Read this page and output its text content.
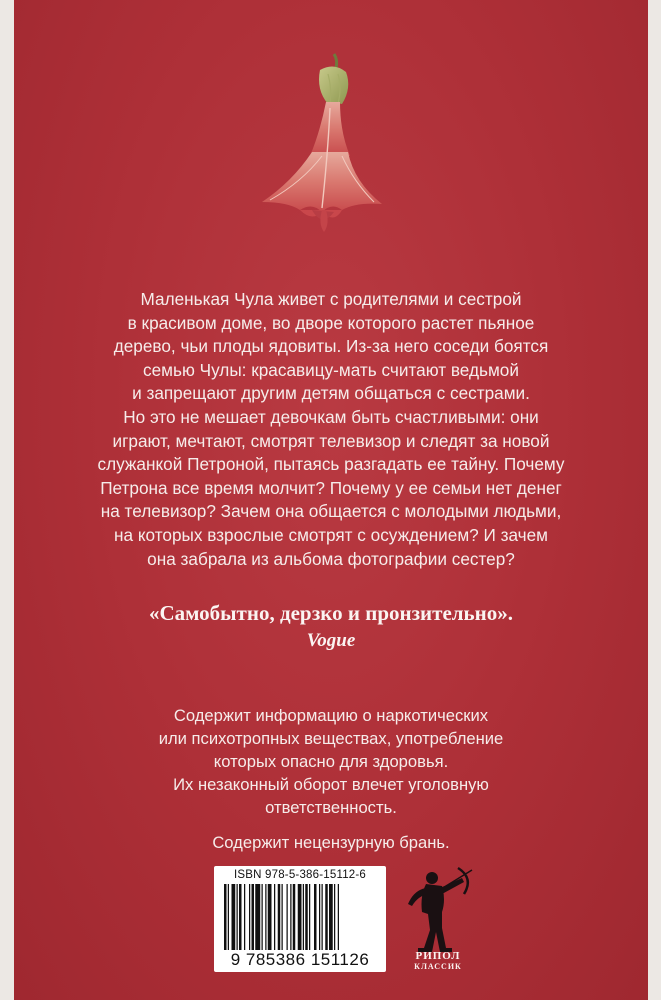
Маленькая Чула живет с родителями и сестрой
в красивом доме, во дворе которого растет пьяное
дерево, чьи плоды ядовиты. Из-за него соседи боятся
семью Чулы: красавицу-мать считают ведьмой
и запрещают другим детям общаться с сестрами.
Но это не мешает девочкам быть счастливыми: они
играют, мечтают, смотрят телевизор и следят за новой
служанкой Петроной, пытаясь разгадать ее тайну. Почему
Петрона все время молчит? Почему у ее семьи нет денег
на телевизор? Зачем она общается с молодыми людьми,
на которых взрослые смотрят с осуждением? И зачем
она забрала из альбома фотографии сестер?
«Самобытно, дерзко и пронзительно».
Vogue
Содержит информацию о наркотических
или психотропных веществах, употребление
которых опасно для здоровья.
Их незаконный оборот влечет уголовную
ответственность.
Содержит нецензурную брань.
ISBN 978-5-386-15112-6
9 785386 151126	РИПОЛ
КЛАССИК
